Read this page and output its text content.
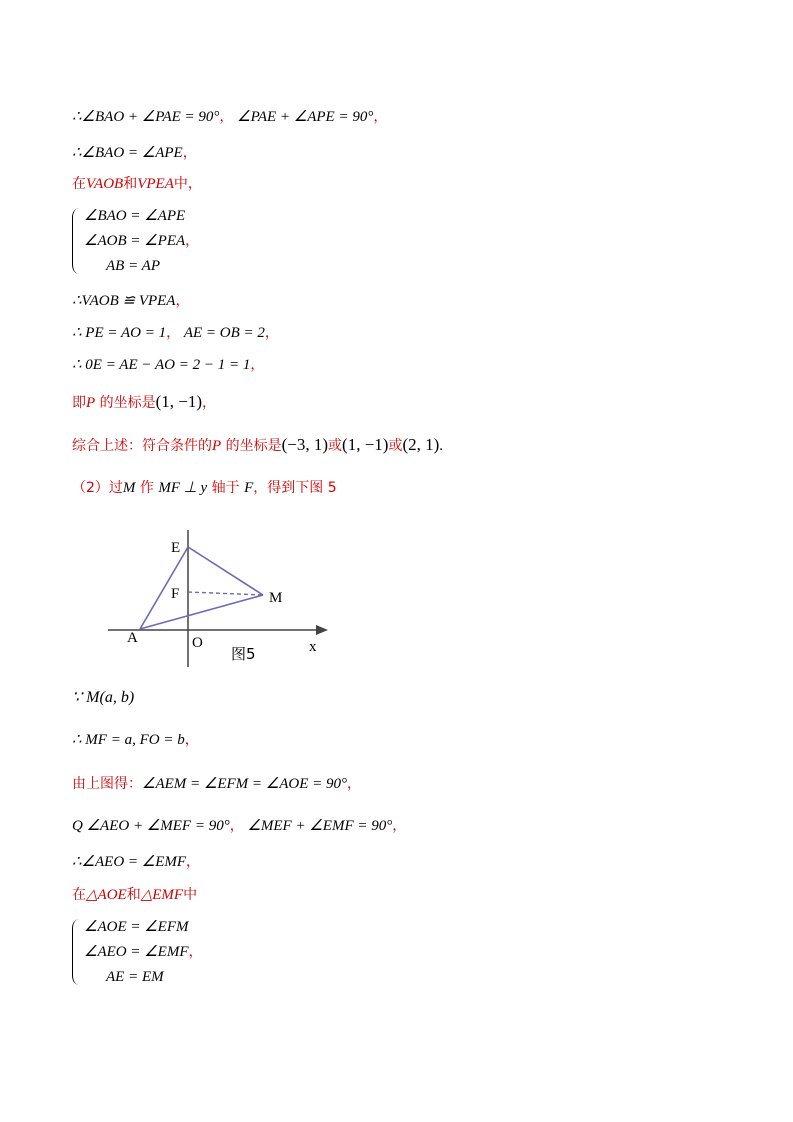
∴∠BAO + ∠PAE = 90°， ∠PAE + ∠APE = 90°，
∴∠BAO = ∠APE，
在VAOB和VPEA中，
∠BAO = ∠APE
∠AOB = ∠PEA，
AB = AP
∴VAOB ≌ VPEA，
∴ PE = AO = 1， AE = OB = 2，
∴ 0E = AE − AO = 2 − 1 = 1，
即P 的坐标是(1, −1)，
综合上述：符合条件的P 的坐标是(−3, 1)或(1, −1)或(2, 1).
（2）过M 作 MF ⊥ y 轴于 F，得到下图 5
E
F	M
A	O	x
图5
∵ M(a, b)
∴ MF = a, FO = b，
由上图得：∠AEM = ∠EFM = ∠AOE = 90°，
Q ∠AEO + ∠MEF = 90°， ∠MEF + ∠EMF = 90°，
∴∠AEO = ∠EMF，
在△AOE和△EMF中
∠AOE = ∠EFM
∠AEO = ∠EMF，
AE = EM
